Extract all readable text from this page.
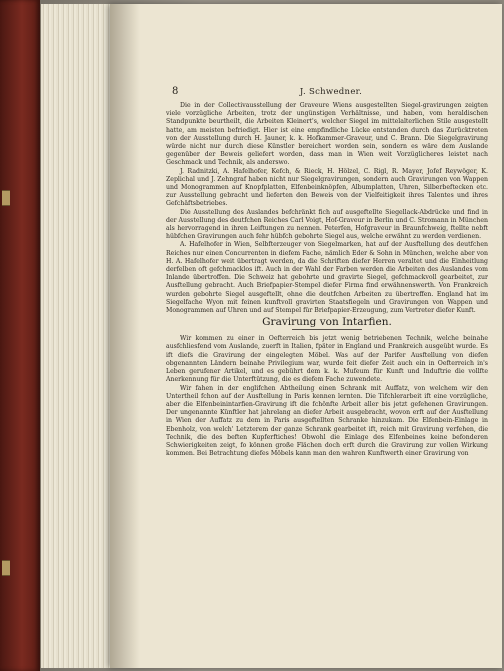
8	J. Schwedner.

Die in der Collectivausstellung der Graveure Wiens ausgestellten Siegel-gravirungen zeigten viele vorzügliche Arbeiten, trotz der ungünstigen Verhältnisse, und haben, vom heraldischen Standpunkte beurtheilt, die Arbeiten Kleinert's, welcher Siegel im mittelalterlichen Stile ausgestellt hatte, am meisten befriedigt. Hier ist eine empfindliche Lücke entstanden durch das Zurücktreten von der Ausstellung durch H. Jauner, k. k. Hofkammer-Graveur, und C. Brann. Die Siegelgravirung würde nicht nur durch diese Künstler bereichert worden sein, sondern es wäre dem Auslande gegenüber der Beweis geliefert worden, dass man in Wien weit Vorzüglicheres leistet nach Geschmack und Technik, als anderswo.

J. Radnitzki, A. Hafelhofer, Kefch, & Rieck, H. Hölzel, C. Rigl, R. Mayer, Jofef Reywöger, K. Zeplichal und J. Zehngraf haben nicht nur Siegelgravirungen, sondern auch Gravirungen von Wappen und Monogrammen auf Knopfplatten, Elfenbeinknöpfen, Albumplatten, Uhren, Silberbeftecken etc. zur Ausstellung gebracht und lieferten den Beweis von der Vielfeitigkeit ihres Talentes und ihres Gefchäftsbetriebes.

Die Ausstellung des Auslandes befchränkt fich auf ausgeftellte Siegellack-Abdrücke und find in der Ausstellung des deutfchen Reiches Carl Voigt, Hof-Graveur in Berlin und C. Stromann in München als hervorragend in ihren Leiftungen zu nennen. Peterfen, Hofgraveur in Braunfchweig, ftellte nebft hübfchen Gravirungen auch fehr hübfch gebohrte Siegel aus, welche erwähnt zu werden verdienen.

A. Hafelhofer in Wien, Selbfterzeuger von Siegelmarken, hat auf der Ausftellung des deutfchen Reiches nur einen Concurrenten in diefem Fache, nämlich Eder & Sohn in München, welche aber von H. A. Hafelhofer weit übertragt werden, da die Schriften diefer Herren veraltet und die Einheitlung derfelben oft gefchmacklos ift. Auch in der Wahl der Farben werden die Arbeiten des Auslandes vom Inlande übertroffen. Die Schweiz hat gebohrte und gravirte Siegel, gefchmackvoll gearbeitet, zur Ausftellung gebracht. Auch Briefpapier-Stempel diefer Firma find erwähnenswerth. Von Frankreich wurden gebohrte Siegel ausgeftellt, ohne die deutfchen Arbeiten zu übertreffen. England hat im Siegelfache Wyon mit feinen kunftvoll gravirten Staatsfiegeln und Gravirungen von Wappen und Monogrammen auf Uhren und auf Stempel für Briefpapier-Erzeugung, zum Vertreter diefer Kunft.

Gravirung von Intarfien.

Wir kommen zu einer in Oefterreich bis jetzt wenig betriebenen Technik, welche beinahe ausfchliesfend vom Auslande, zuerft in Italien, fpäter in England und Frankreich ausgeübt wurde. Es ift diefs die Gravirung der eingelegten Möbel. Was auf der Parifer Ausftellung von diefen obgenannten Ländern beinahe Privilegium war, wurde feit diefer Zeit auch ein in Oefterreich in's Leben gerufener Artikel, und es gebührt dem k. k. Mufeum für Kunft und Induftrie die vollfte Anerkennung für die Unterftützung, die es diefem Fache zuwendete.

Wir fahen in der englifchen Abtheilung einen Schrank mit Auffatz, von welchem wir den Untertheil fchon auf der Ausftellung in Paris kennen lernten. Die Tifchlerarbeit ift eine vorzügliche, aber die Elfenbeinintarfien-Gravirung ift die fchönfte Arbeit aller bis jetzt gefehenen Gravirungen. Der ungenannte Künftler hat jahrelang an diefer Arbeit ausgebracht, wovon erft auf der Ausftellung in Wien der Auffatz zu dem in Paris ausgeftellten Schranke hinzukam. Die Elfenbein-Einlage in Ebenholz, von welch' Letzterem der ganze Schrank gearbeitet ift, reich mit Gravirung verfehen, die Technik, die des beften Kupferftiches! Obwohl die Einlage des Elfenbeines keine befonderen Schwierigkeiten zeigt, fo können große Flächen doch erft durch die Gravirung zur vollen Wirkung kommen. Bei Betrachtung diefes Möbels kann man den wahren Kunftwerth einer Gravirung von
